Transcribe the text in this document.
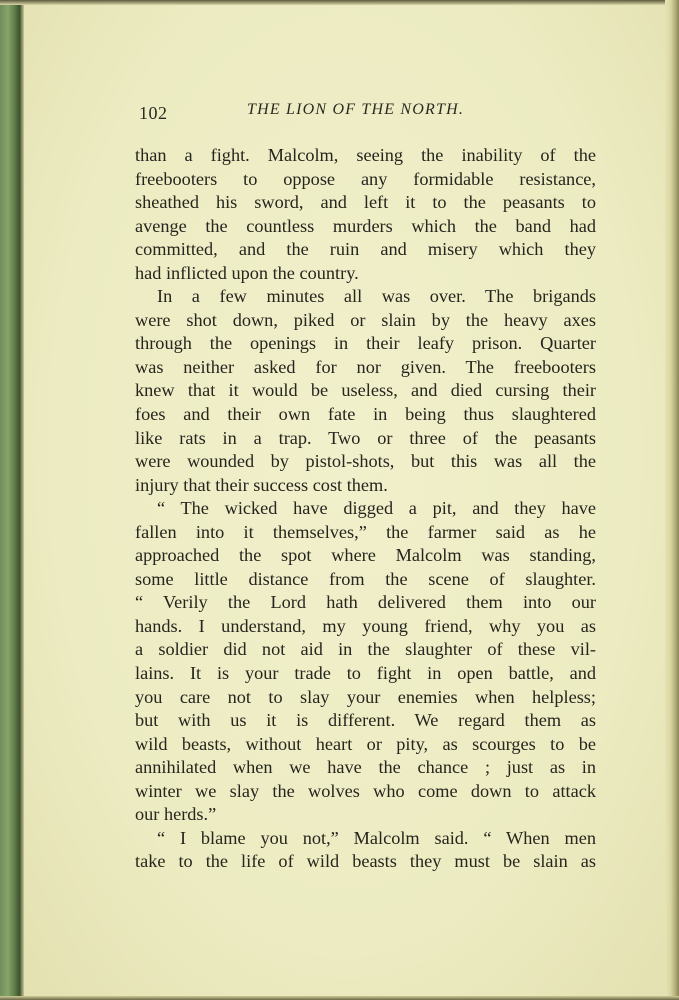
102	THE LION OF THE NORTH.
than a fight. Malcolm, seeing the inability of the
freebooters to oppose any formidable resistance,
sheathed his sword, and left it to the peasants to
avenge the countless murders which the band had
committed, and the ruin and misery which they
had inflicted upon the country.
In a few minutes all was over. The brigands
were shot down, piked or slain by the heavy axes
through the openings in their leafy prison. Quarter
was neither asked for nor given. The freebooters
knew that it would be useless, and died cursing their
foes and their own fate in being thus slaughtered
like rats in a trap. Two or three of the peasants
were wounded by pistol-shots, but this was all the
injury that their success cost them.
“ The wicked have digged a pit, and they have
fallen into it themselves,” the farmer said as he
approached the spot where Malcolm was standing,
some little distance from the scene of slaughter.
“ Verily the Lord hath delivered them into our
hands. I understand, my young friend, why you as
a soldier did not aid in the slaughter of these vil-
lains. It is your trade to fight in open battle, and
you care not to slay your enemies when helpless;
but with us it is different. We regard them as
wild beasts, without heart or pity, as scourges to be
annihilated when we have the chance ; just as in
winter we slay the wolves who come down to attack
our herds.”
“ I blame you not,” Malcolm said. “ When men
take to the life of wild beasts they must be slain as
